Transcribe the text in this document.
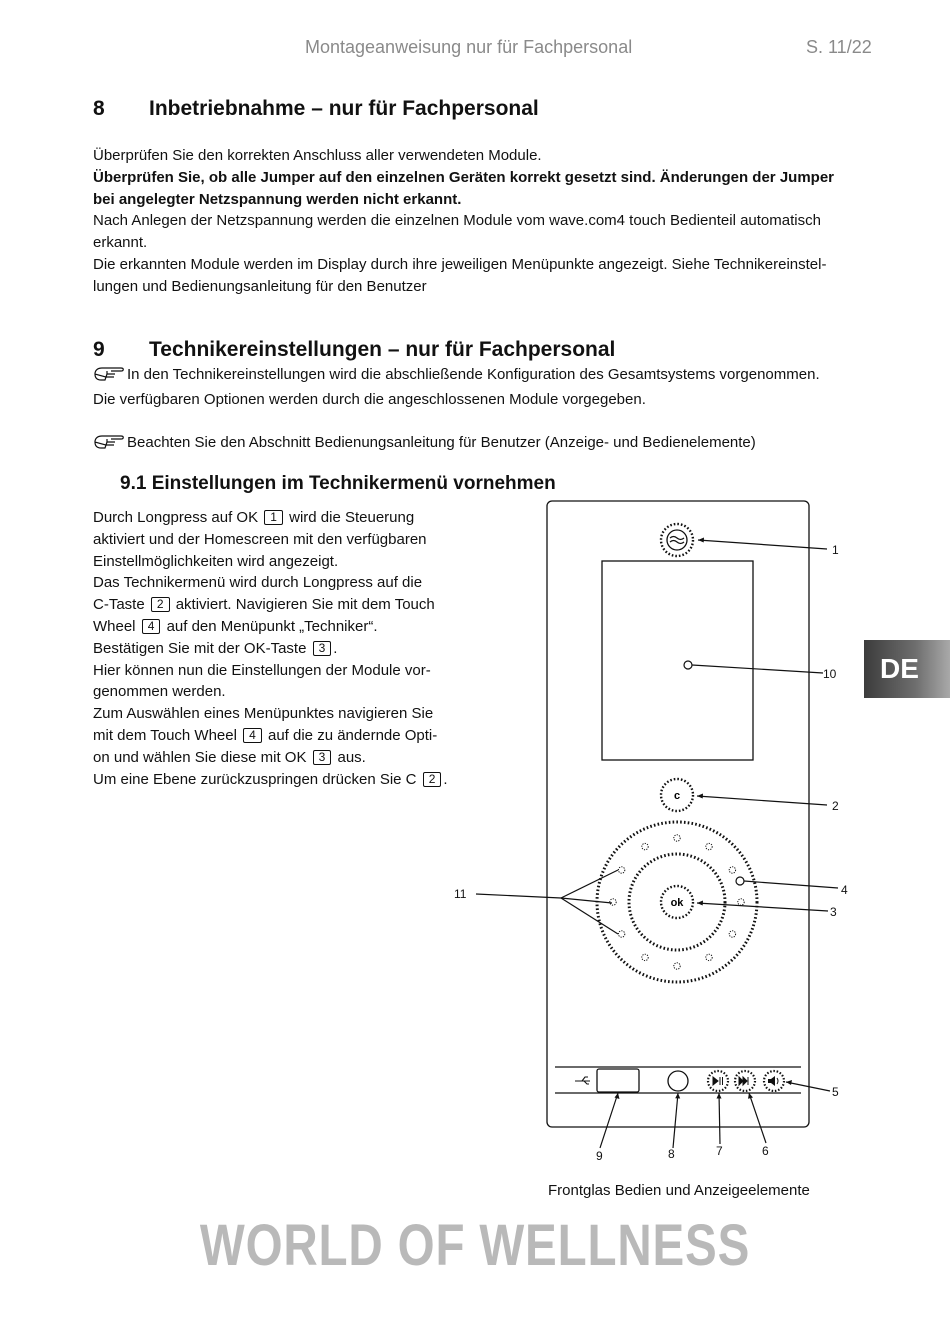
Montageanweisung nur für Fachpersonal	S. 11/22
8 Inbetriebnahme – nur für Fachpersonal
Überprüfen Sie den korrekten Anschluss aller verwendeten Module.
Überprüfen Sie, ob alle Jumper auf den einzelnen Geräten korrekt gesetzt sind. Änderungen der Jumper
bei angelegter Netzspannung werden nicht erkannt.
Nach Anlegen der Netzspannung werden die einzelnen Module vom wave.com4 touch Bedienteil automatisch
erkannt.
Die erkannten Module werden im Display durch ihre jeweiligen Menüpunkte angezeigt. Siehe Technikereinstel-
lungen und Bedienungsanleitung für den Benutzer
9 Technikereinstellungen – nur für Fachpersonal
In den Technikereinstellungen wird die abschließende Konfiguration des Gesamtsystems vorgenommen.
Die verfügbaren Optionen werden durch die angeschlossenen Module vorgegeben.
Beachten Sie den Abschnitt Bedienungsanleitung für Benutzer (Anzeige- und Bedienelemente)
9.1 Einstellungen im Technikermenü vornehmen
Durch Longpress auf OK 1 wird die Steuerung
aktiviert und der Homescreen mit den verfügbaren
Einstellmöglichkeiten wird angezeigt.
Das Technikermenü wird durch Longpress auf die
C-Taste 2 aktiviert. Navigieren Sie mit dem Touch
Wheel 4 auf den Menüpunkt „Techniker“.
Bestätigen Sie mit der OK-Taste 3 .
Hier können nun die Einstellungen der Module vor-
genommen werden.
Zum Auswählen eines Menüpunktes navigieren Sie
mit dem Touch Wheel 4 auf die zu ändernde Opti-
on und wählen Sie diese mit OK 3 aus.
Um eine Ebene zurückzuspringen drücken Sie C 2 .
c
ok
1
10
2
4
3
11
5
9	8	7	6
Frontglas Bedien und Anzeigeelemente
DE
WORLD OF WELLNESS
